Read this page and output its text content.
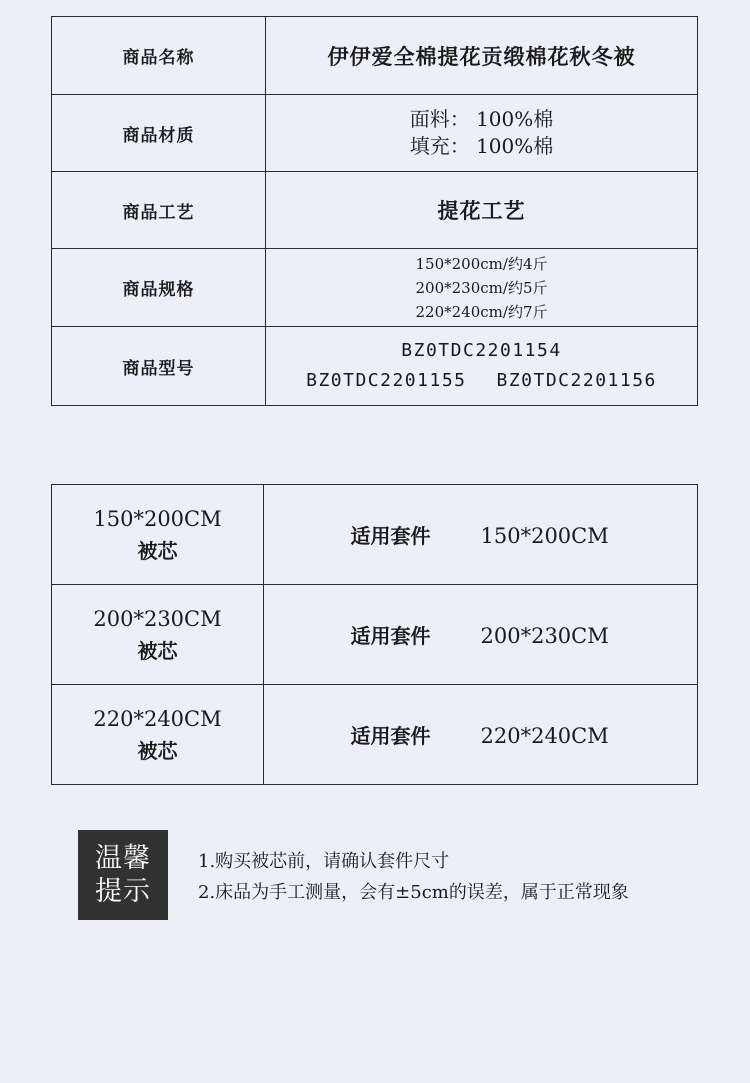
商品名称	伊伊爱全棉提花贡缎棉花秋冬被
商品材质	面料： 100%棉
填充： 100%棉

商品工艺	提花工艺
商品规格	150*200cm/约4斤
200*230cm/约5斤
220*240cm/约7斤

商品型号	BZ0TDC2201154
BZ0TDC2201155 BZ0TDC2201156
150*200CM
被芯	适用套件 150*200CM

200*230CM
被芯	适用套件 200*230CM

220*240CM
被芯	适用套件 220*240CM
温馨
提示
1.购买被芯前，请确认套件尺寸
2.床品为手工测量，会有±5cm的误差，属于正常现象
